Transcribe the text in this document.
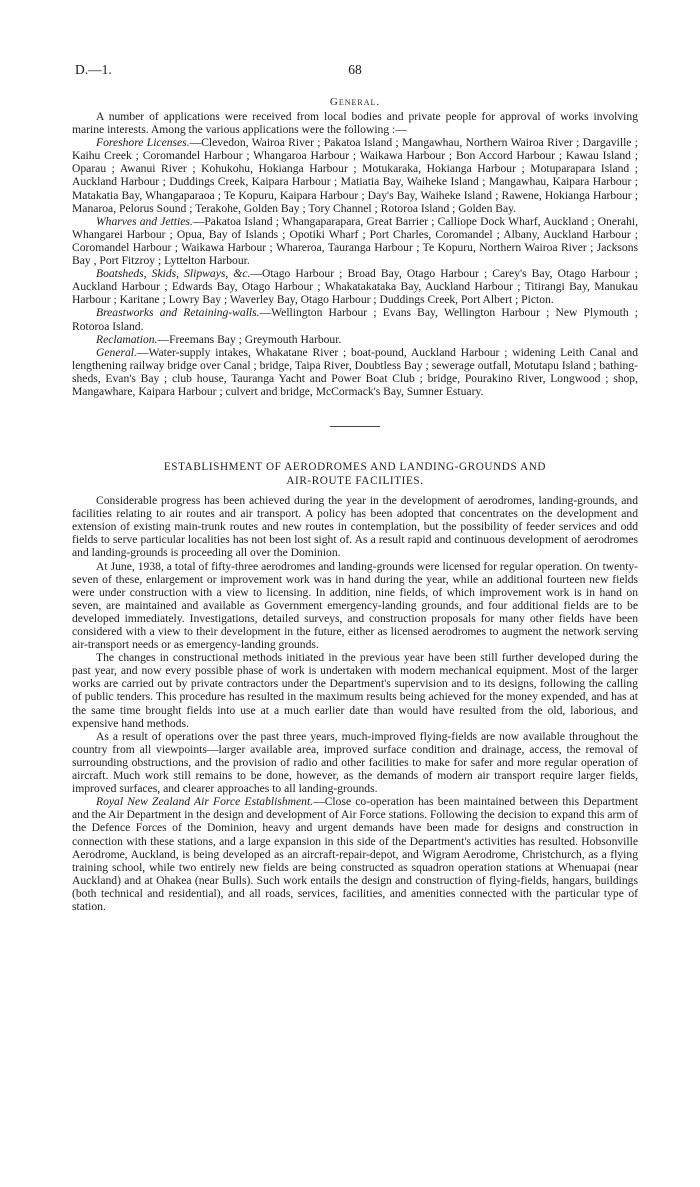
D.—1.	68
General.

A number of applications were received from local bodies and private people for approval of works involving marine interests. Among the various applications were the following :—

Foreshore Licenses.—Clevedon, Wairoa River ; Pakatoa Island ; Mangawhau, Northern Wairoa River ; Dargaville ; Kaihu Creek ; Coromandel Harbour ; Whangaroa Harbour ; Waikawa Harbour ; Bon Accord Harbour ; Kawau Island ; Oparau ; Awanui River ; Kohukohu, Hokianga Harbour ; Motukaraka, Hokianga Harbour ; Motuparapara Island ; Auckland Harbour ; Duddings Creek, Kaipara Harbour ; Matiatia Bay, Waiheke Island ; Mangawhau, Kaipara Harbour ; Matakatia Bay, Whangaparaoa ; Te Kopuru, Kaipara Harbour ; Day's Bay, Waiheke Island ; Rawene, Hokianga Harbour ; Manaroa, Pelorus Sound ; Terakohe, Golden Bay ; Tory Channel ; Rotoroa Island ; Golden Bay.

Wharves and Jetties.—Pakatoa Island ; Whangaparapara, Great Barrier ; Calliope Dock Wharf, Auckland ; Onerahi, Whangarei Harbour ; Opua, Bay of Islands ; Opotiki Wharf ; Port Charles, Coromandel ; Albany, Auckland Harbour ; Coromandel Harbour ; Waikawa Harbour ; Whareroa, Tauranga Harbour ; Te Kopuru, Northern Wairoa River ; Jacksons Bay , Port Fitzroy ; Lyttelton Harbour.

Boatsheds, Skids, Slipways, &c.—Otago Harbour ; Broad Bay, Otago Harbour ; Carey's Bay, Otago Harbour ; Auckland Harbour ; Edwards Bay, Otago Harbour ; Whakatakataka Bay, Auckland Harbour ; Titirangi Bay, Manukau Harbour ; Karitane ; Lowry Bay ; Waverley Bay, Otago Harbour ; Duddings Creek, Port Albert ; Picton.

Breastworks and Retaining-walls.—Wellington Harbour ; Evans Bay, Wellington Harbour ; New Plymouth ; Rotoroa Island.

Reclamation.—Freemans Bay ; Greymouth Harbour.

General.—Water-supply intakes, Whakatane River ; boat-pound, Auckland Harbour ; widening Leith Canal and lengthening railway bridge over Canal ; bridge, Taipa River, Doubtless Bay ; sewerage outfall, Motutapu Island ; bathing-sheds, Evan's Bay ; club house, Tauranga Yacht and Power Boat Club ; bridge, Pourakino River, Longwood ; shop, Mangawhare, Kaipara Harbour ; culvert and bridge, McCormack's Bay, Sumner Estuary.

ESTABLISHMENT OF AERODROMES AND LANDING-GROUNDS AND
AIR-ROUTE FACILITIES.

Considerable progress has been achieved during the year in the development of aerodromes, landing-grounds, and facilities relating to air routes and air transport. A policy has been adopted that concentrates on the development and extension of existing main-trunk routes and new routes in contemplation, but the possibility of feeder services and odd fields to serve particular localities has not been lost sight of. As a result rapid and continuous development of aerodromes and landing-grounds is proceeding all over the Dominion.

At June, 1938, a total of fifty-three aerodromes and landing-grounds were licensed for regular operation. On twenty-seven of these, enlargement or improvement work was in hand during the year, while an additional fourteen new fields were under construction with a view to licensing. In addition, nine fields, of which improvement work is in hand on seven, are maintained and available as Government emergency-landing grounds, and four additional fields are to be developed immediately. Investigations, detailed surveys, and construction proposals for many other fields have been considered with a view to their development in the future, either as licensed aerodromes to augment the network serving air-transport needs or as emergency-landing grounds.

The changes in constructional methods initiated in the previous year have been still further developed during the past year, and now every possible phase of work is undertaken with modern mechanical equipment. Most of the larger works are carried out by private contractors under the Department's supervision and to its designs, following the calling of public tenders. This procedure has resulted in the maximum results being achieved for the money expended, and has at the same time brought fields into use at a much earlier date than would have resulted from the old, laborious, and expensive hand methods.

As a result of operations over the past three years, much-improved flying-fields are now available throughout the country from all viewpoints—larger available area, improved surface condition and drainage, access, the removal of surrounding obstructions, and the provision of radio and other facilities to make for safer and more regular operation of aircraft. Much work still remains to be done, however, as the demands of modern air transport require larger fields, improved surfaces, and clearer approaches to all landing-grounds.

Royal New Zealand Air Force Establishment.—Close co-operation has been maintained between this Department and the Air Department in the design and development of Air Force stations. Following the decision to expand this arm of the Defence Forces of the Dominion, heavy and urgent demands have been made for designs and construction in connection with these stations, and a large expansion in this side of the Department's activities has resulted. Hobsonville Aerodrome, Auckland, is being developed as an aircraft-repair-depot, and Wigram Aerodrome, Christchurch, as a flying training school, while two entirely new fields are being constructed as squadron operation stations at Whenuapai (near Auckland) and at Ohakea (near Bulls). Such work entails the design and construction of flying-fields, hangars, buildings (both technical and residential), and all roads, services, facilities, and amenities connected with the particular type of station.
